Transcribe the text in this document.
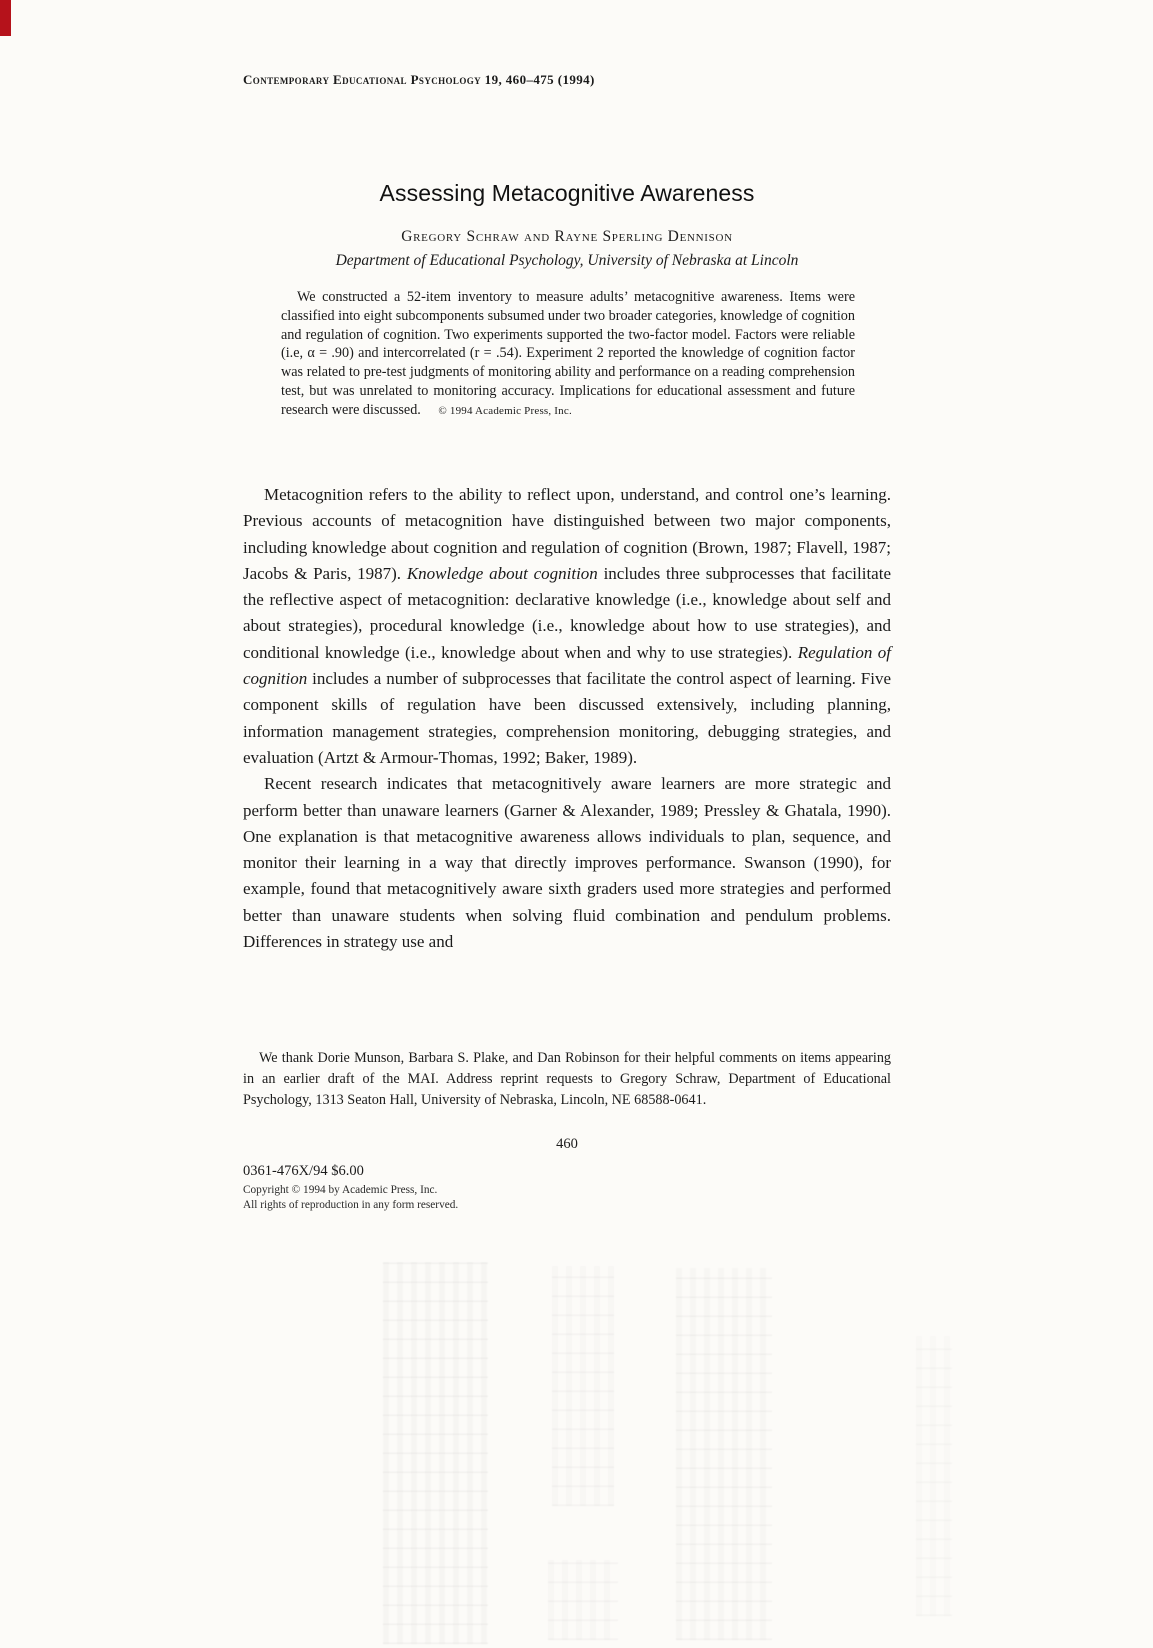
Contemporary Educational Psychology 19, 460–475 (1994)
Assessing Metacognitive Awareness
Gregory Schraw and Rayne Sperling Dennison
Department of Educational Psychology, University of Nebraska at Lincoln
We constructed a 52-item inventory to measure adults’ metacognitive awareness. Items were classified into eight subcomponents subsumed under two broader categories, knowledge of cognition and regulation of cognition. Two experiments supported the two-factor model. Factors were reliable (i.e, α = .90) and intercorrelated (r = .54). Experiment 2 reported the knowledge of cognition factor was related to pre-test judgments of monitoring ability and performance on a reading comprehension test, but was unrelated to monitoring accuracy. Implications for educational assessment and future research were discussed. © 1994 Academic Press, Inc.

Metacognition refers to the ability to reflect upon, understand, and control one’s learning. Previous accounts of metacognition have distinguished between two major components, including knowledge about cognition and regulation of cognition (Brown, 1987; Flavell, 1987; Jacobs & Paris, 1987). Knowledge about cognition includes three subprocesses that facilitate the reflective aspect of metacognition: declarative knowledge (i.e., knowledge about self and about strategies), procedural knowledge (i.e., knowledge about how to use strategies), and conditional knowledge (i.e., knowledge about when and why to use strategies). Regulation of cognition includes a number of subprocesses that facilitate the control aspect of learning. Five component skills of regulation have been discussed extensively, including planning, information management strategies, comprehension monitoring, debugging strategies, and evaluation (Artzt & Armour-Thomas, 1992; Baker, 1989).

Recent research indicates that metacognitively aware learners are more strategic and perform better than unaware learners (Garner & Alexander, 1989; Pressley & Ghatala, 1990). One explanation is that metacognitive awareness allows individuals to plan, sequence, and monitor their learning in a way that directly improves performance. Swanson (1990), for example, found that metacognitively aware sixth graders used more strategies and performed better than unaware students when solving fluid combination and pendulum problems. Differences in strategy use and

We thank Dorie Munson, Barbara S. Plake, and Dan Robinson for their helpful comments on items appearing in an earlier draft of the MAI. Address reprint requests to Gregory Schraw, Department of Educational Psychology, 1313 Seaton Hall, University of Nebraska, Lincoln, NE 68588-0641.
460
0361-476X/94 $6.00
Copyright © 1994 by Academic Press, Inc.
All rights of reproduction in any form reserved.
